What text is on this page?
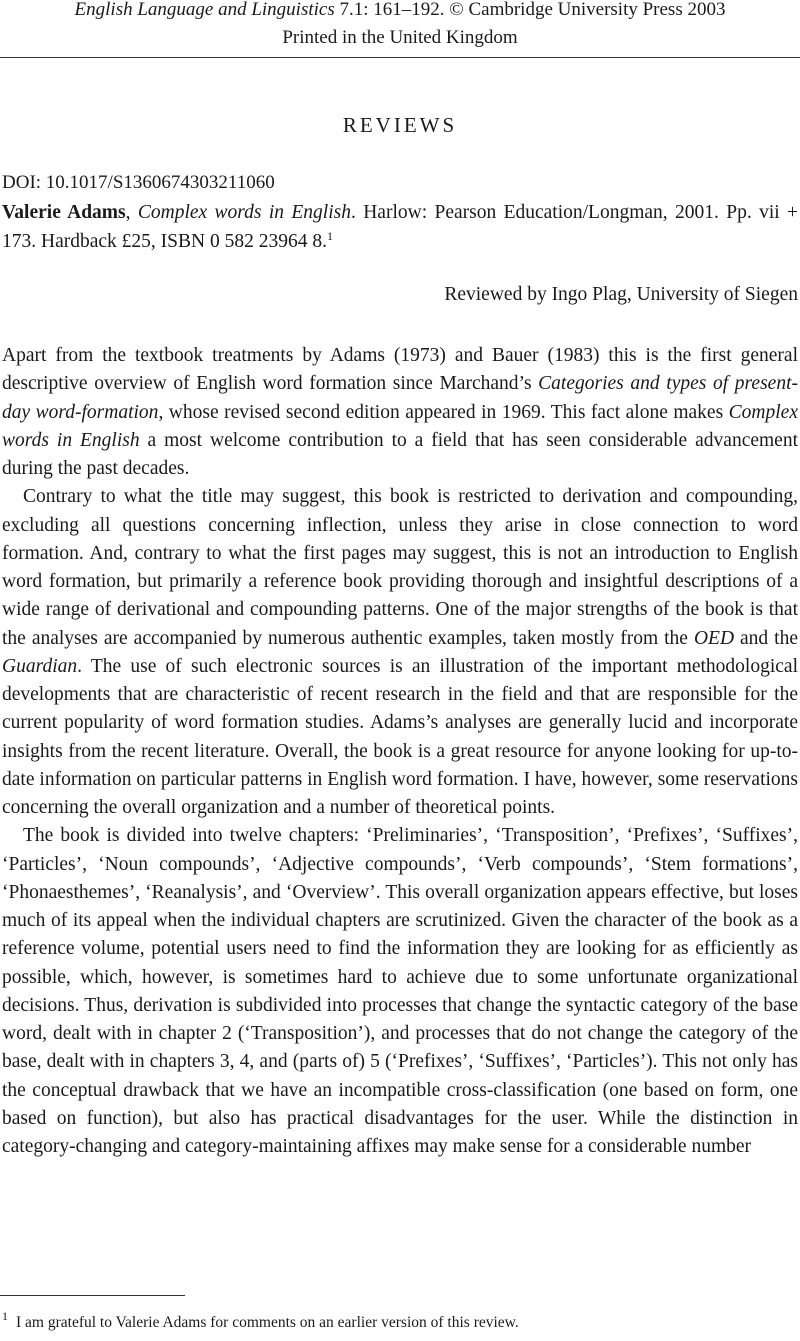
English Language and Linguistics 7.1: 161–192. © Cambridge University Press 2003
Printed in the United Kingdom
REVIEWS
DOI: 10.1017/S1360674303211060
Valerie Adams, Complex words in English. Harlow: Pearson Education/Longman, 2001. Pp. vii + 173. Hardback £25, ISBN 0 582 23964 8.$^1$
Reviewed by Ingo Plag, University of Siegen

Apart from the textbook treatments by Adams (1973) and Bauer (1983) this is the first general descriptive overview of English word formation since Marchand’s Categories and types of present-day word-formation, whose revised second edition appeared in 1969. This fact alone makes Complex words in English a most welcome contribution to a field that has seen considerable advancement during the past decades.

Contrary to what the title may suggest, this book is restricted to derivation and compounding, excluding all questions concerning inflection, unless they arise in close connection to word formation. And, contrary to what the first pages may suggest, this is not an introduction to English word formation, but primarily a reference book providing thorough and insightful descriptions of a wide range of derivational and compounding patterns. One of the major strengths of the book is that the analyses are accompanied by numerous authentic examples, taken mostly from the OED and the Guardian. The use of such electronic sources is an illustration of the important methodological developments that are characteristic of recent research in the field and that are responsible for the current popularity of word formation studies. Adams’s analyses are generally lucid and incorporate insights from the recent literature. Overall, the book is a great resource for anyone looking for up-to-date information on particular patterns in English word formation. I have, however, some reservations concerning the overall organization and a number of theoretical points.

The book is divided into twelve chapters: ‘Preliminaries’, ‘Transposition’, ‘Prefixes’, ‘Suffixes’, ‘Particles’, ‘Noun compounds’, ‘Adjective compounds’, ‘Verb compounds’, ‘Stem formations’, ‘Phonaesthemes’, ‘Reanalysis’, and ‘Overview’. This overall organization appears effective, but loses much of its appeal when the individual chapters are scrutinized. Given the character of the book as a reference volume, potential users need to find the information they are looking for as efficiently as possible, which, however, is sometimes hard to achieve due to some unfortunate organizational decisions. Thus, derivation is subdivided into processes that change the syntactic category of the base word, dealt with in chapter 2 (‘Transposition’), and processes that do not change the category of the base, dealt with in chapters 3, 4, and (parts of) 5 (‘Prefixes’, ‘Suffixes’, ‘Particles’). This not only has the conceptual drawback that we have an incompatible cross-classification (one based on form, one based on function), but also has practical disadvantages for the user. While the distinction in category-changing and category-maintaining affixes may make sense for a considerable number

$^1$ I am grateful to Valerie Adams for comments on an earlier version of this review.
